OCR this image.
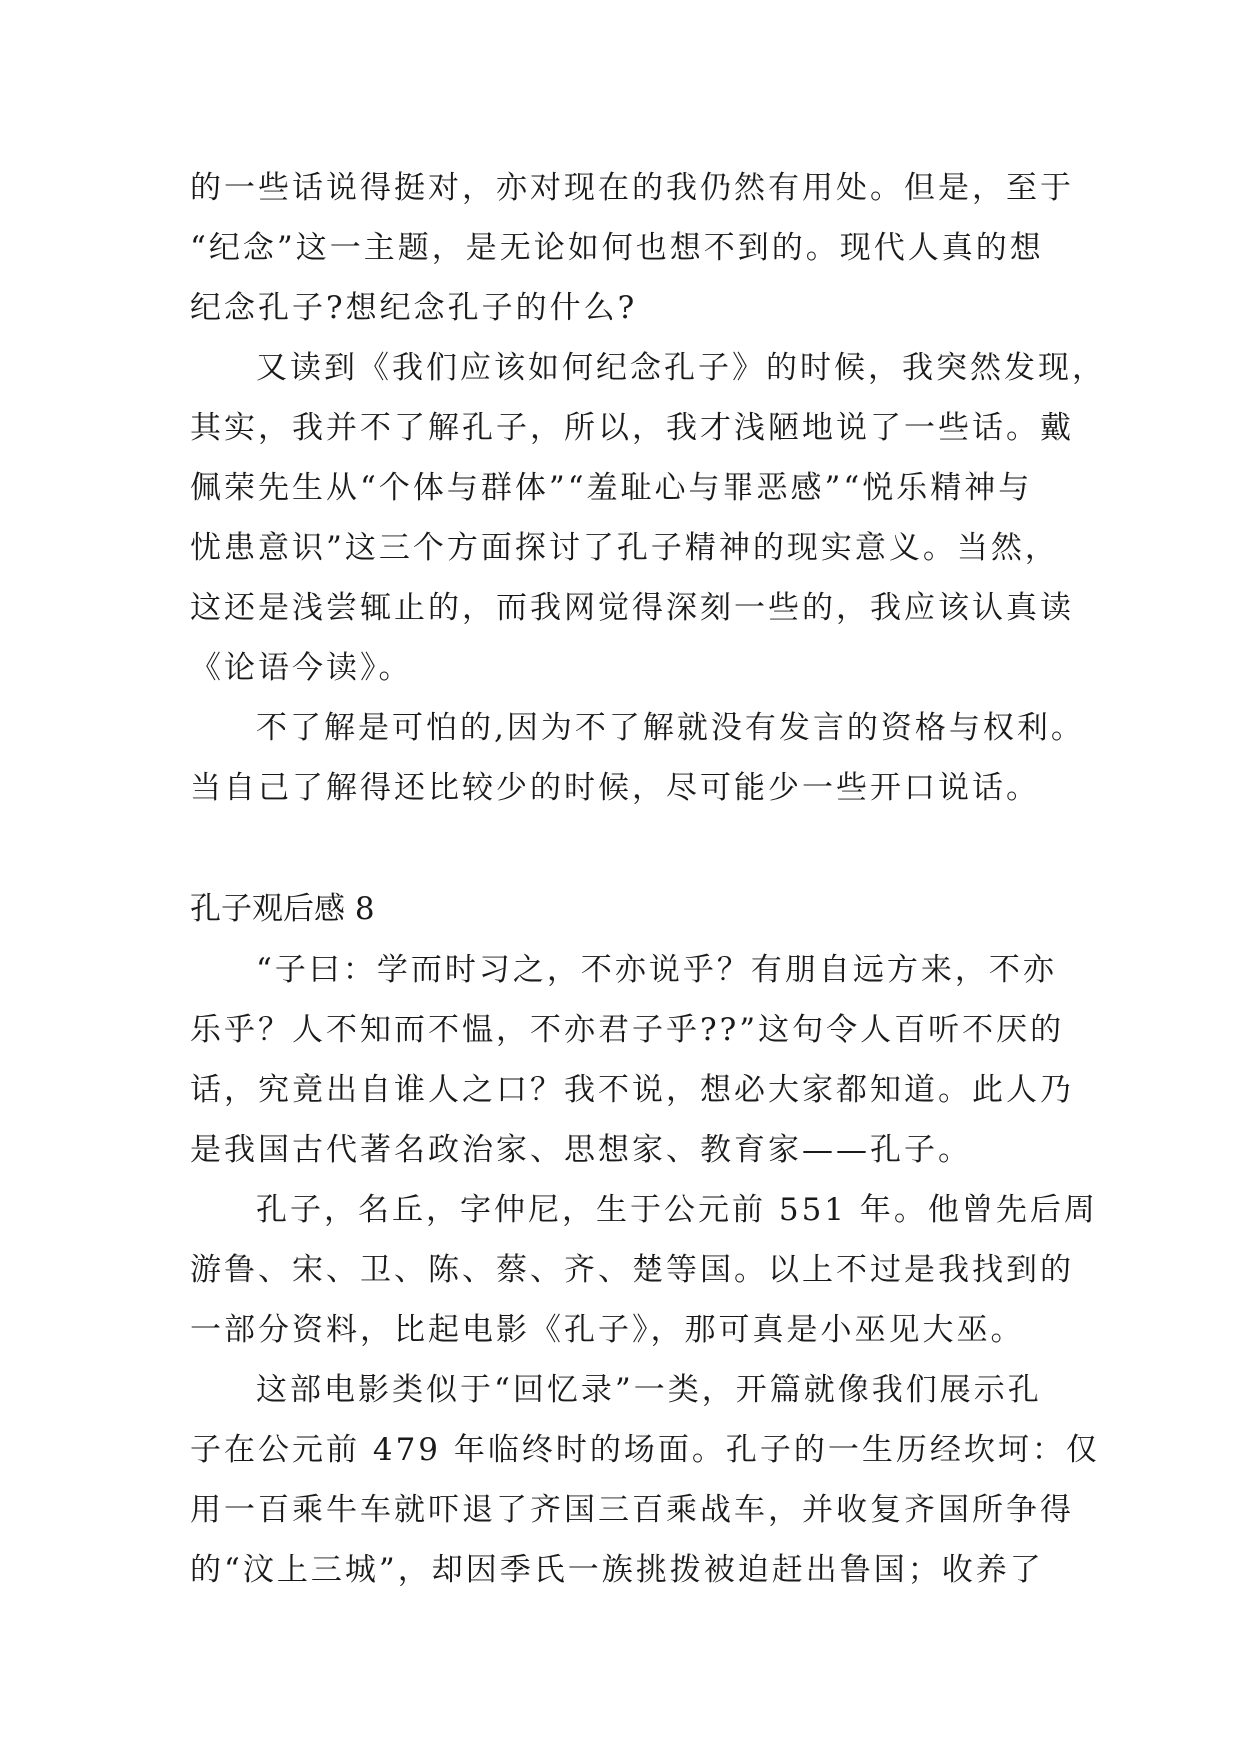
的一些话说得挺对，亦对现在的我仍然有用处。但是，至于
“纪念”这一主题，是无论如何也想不到的。现代人真的想
纪念孔子?想纪念孔子的什么?
又读到《我们应该如何纪念孔子》的时候，我突然发现，
其实，我并不了解孔子，所以，我才浅陋地说了一些话。戴
佩荣先生从“个体与群体”“羞耻心与罪恶感”“悦乐精神与
忧患意识”这三个方面探讨了孔子精神的现实意义。当然，
这还是浅尝辄止的，而我网觉得深刻一些的，我应该认真读
《论语今读》。
不了解是可怕的,因为不了解就没有发言的资格与权利。
当自己了解得还比较少的时候，尽可能少一些开口说话。
孔子观后感 8
“子曰：学而时习之，不亦说乎？有朋自远方来，不亦
乐乎？人不知而不愠，不亦君子乎??”这句令人百听不厌的
话，究竟出自谁人之口？我不说，想必大家都知道。此人乃
是我国古代著名政治家、思想家、教育家——孔子。
孔子，名丘，字仲尼，生于公元前 551 年。他曾先后周
游鲁、宋、卫、陈、蔡、齐、楚等国。以上不过是我找到的
一部分资料，比起电影《孔子》，那可真是小巫见大巫。
这部电影类似于“回忆录”一类，开篇就像我们展示孔
子在公元前 479 年临终时的场面。孔子的一生历经坎坷：仅
用一百乘牛车就吓退了齐国三百乘战车，并收复齐国所争得
的“汶上三城”，却因季氏一族挑拨被迫赶出鲁国；收养了
